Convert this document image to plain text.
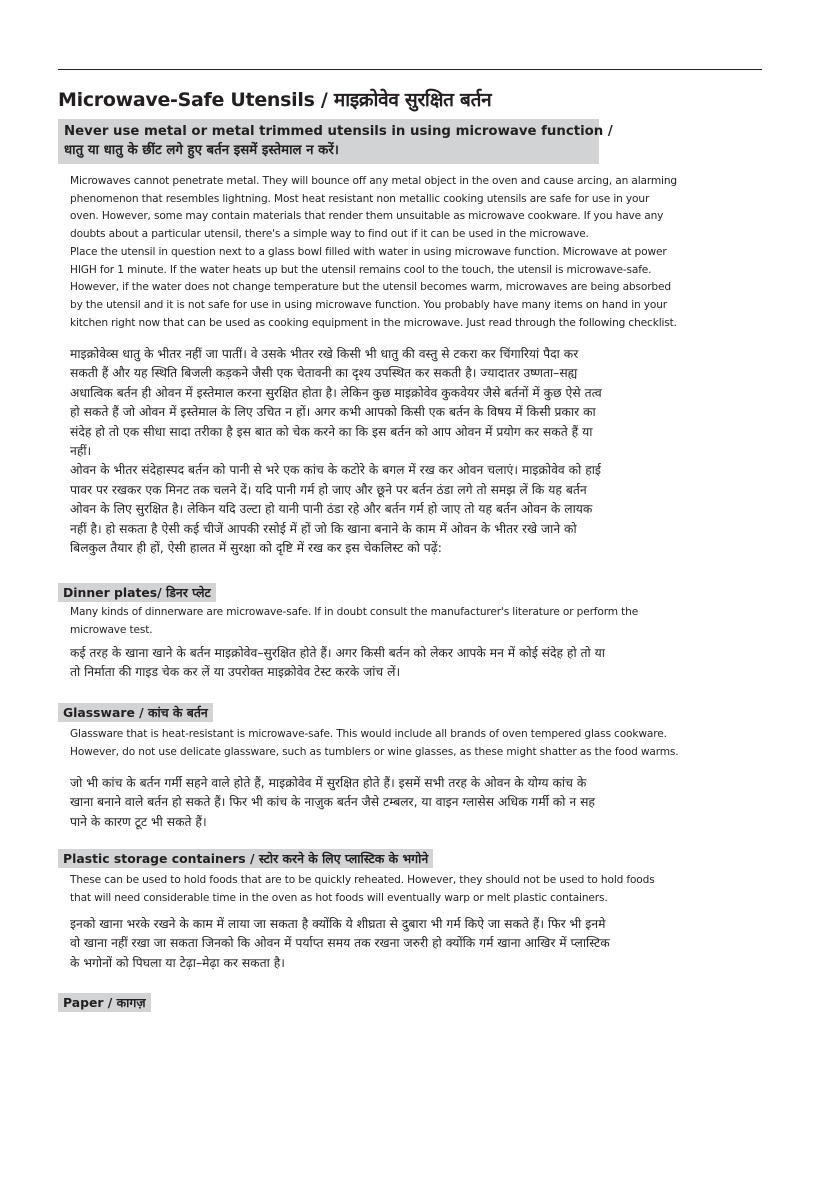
Microwave-Safe Utensils / माइक्रोवेव सुरक्षित बर्तन
Never use metal or metal trimmed utensils in using microwave function /
धातु या धातु के छींट लगे हुए बर्तन इसमें इस्तेमाल न करें।
Microwaves cannot penetrate metal. They will bounce off any metal object in the oven and cause arcing, an alarming
phenomenon that resembles lightning. Most heat resistant non metallic cooking utensils are safe for use in your
oven. However, some may contain materials that render them unsuitable as microwave cookware. If you have any
doubts about a particular utensil, there's a simple way to find out if it can be used in the microwave.
Place the utensil in question next to a glass bowl filled with water in using microwave function. Microwave at power
HIGH for 1 minute. If the water heats up but the utensil remains cool to the touch, the utensil is microwave-safe.
However, if the water does not change temperature but the utensil becomes warm, microwaves are being absorbed
by the utensil and it is not safe for use in using microwave function. You probably have many items on hand in your
kitchen right now that can be used as cooking equipment in the microwave. Just read through the following checklist.
माइक्रोवेव्स धातु के भीतर नहीं जा पातीं। वे उसके भीतर रखे किसी भी धातु की वस्तु से टकरा कर चिंगारियां पैदा कर
सकती हैं और यह स्थिति बिजली कड़कने जैसी एक चेतावनी का दृश्य उपस्थित कर सकती है। ज्यादातर उष्णता–सह्य
अधात्विक बर्तन ही ओवन में इस्तेमाल करना सुरक्षित होता है। लेकिन कुछ माइक्रोवेव कुकवेयर जैसे बर्तनों में कुछ ऐसे तत्व
हो सकते हैं जो ओवन में इस्तेमाल के लिए उचित न हों। अगर कभी आपको किसी एक बर्तन के विषय में किसी प्रकार का
संदेह हो तो एक सीधा सादा तरीका है इस बात को चेक करने का कि इस बर्तन को आप ओवन में प्रयोग कर सकते हैं या
नहीं।
ओवन के भीतर संदेहास्पद बर्तन को पानी से भरे एक कांच के कटोरे के बगल में रख कर ओवन चलाएं। माइक्रोवेव को हाई
पावर पर रखकर एक मिनट तक चलने दें। यदि पानी गर्म हो जाए और छूने पर बर्तन ठंडा लगे तो समझ लें कि यह बर्तन
ओवन के लिए सुरक्षित है। लेकिन यदि उल्टा हो यानी पानी ठंडा रहे और बर्तन गर्म हो जाए तो यह बर्तन ओवन के लायक
नहीं है। हो सकता है ऐसी कई चीजें आपकी रसोई में हों जो कि खाना बनाने के काम में ओवन के भीतर रखे जाने को
बिलकुल तैयार ही हों, ऐसी हालत में सुरक्षा को दृष्टि में रख कर इस चेकलिस्ट को पढ़ें:
Dinner plates/ डिनर प्लेट
Many kinds of dinnerware are microwave-safe. If in doubt consult the manufacturer's literature or perform the
microwave test.
कई तरह के खाना खाने के बर्तन माइक्रोवेव–सुरक्षित होते हैं। अगर किसी बर्तन को लेकर आपके मन में कोई संदेह हो तो या
तो निर्माता की गाइड चेक कर लें या उपरोक्त माइक्रोवेव टेस्ट करके जांच लें।
Glassware / कांच के बर्तन
Glassware that is heat-resistant is microwave-safe. This would include all brands of oven tempered glass cookware.
However, do not use delicate glassware, such as tumblers or wine glasses, as these might shatter as the food warms.
जो भी कांच के बर्तन गर्मी सहने वाले होते हैं, माइक्रोवेव में सुरक्षित होते हैं। इसमें सभी तरह के ओवन के योग्य कांच के
खाना बनाने वाले बर्तन हो सकते हैं। फिर भी कांच के नाज़ुक बर्तन जैसे टम्बलर, या वाइन ग्लासेस अधिक गर्मी को न सह
पाने के कारण टूट भी सकते हैं।
Plastic storage containers / स्टोर करने के लिए प्लास्टिक के भगोने
These can be used to hold foods that are to be quickly reheated. However, they should not be used to hold foods
that will need considerable time in the oven as hot foods will eventually warp or melt plastic containers.
इनको खाना भरके रखने के काम में लाया जा सकता है क्योंकि ये शीघ्रता से दुबारा भी गर्म किऐ जा सकते हैं। फिर भी इनमे
वो खाना नहीं रखा जा सकता जिनको कि ओवन में पर्याप्त समय तक रखना जरुरी हो क्योंकि गर्म खाना आखिर में प्लास्टिक
के भगोनों को पिघला या टेढ़ा–मेढ़ा कर सकता है।
Paper / कागज़
